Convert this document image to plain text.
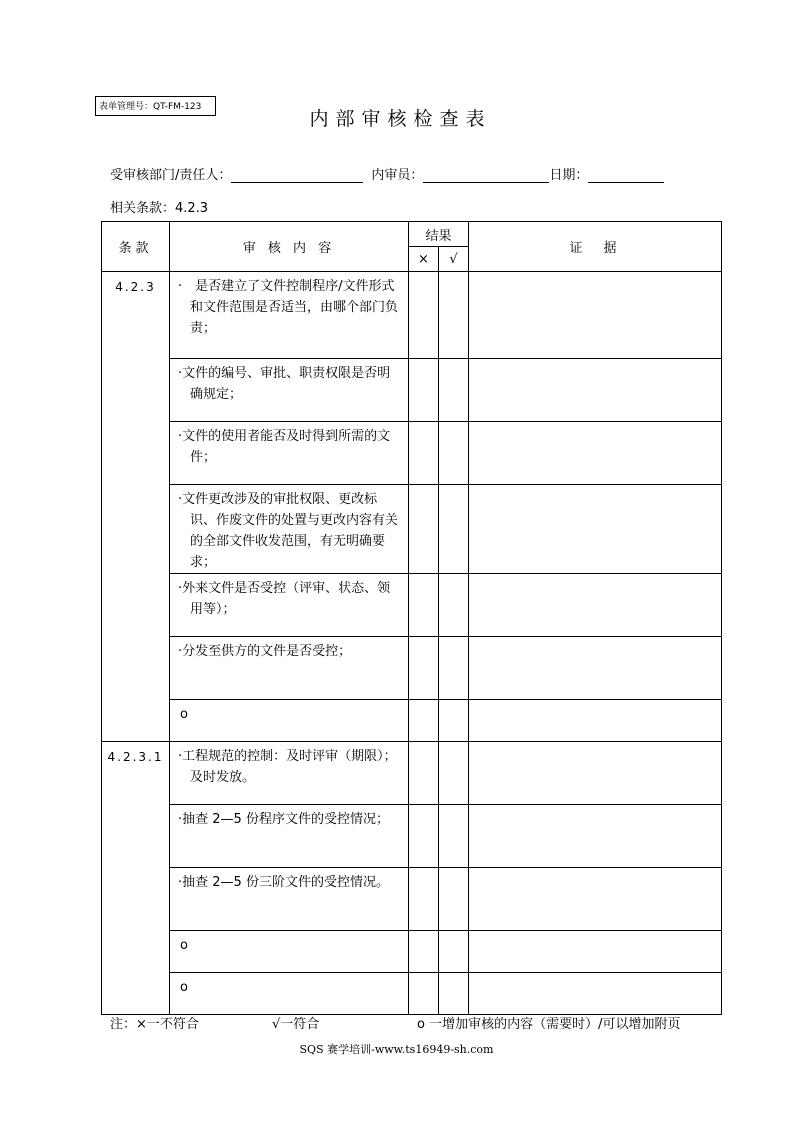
表单管理号：QT-FM-123
内部审核检查表
受审核部门/责任人：	内审员：	日期：
相关条款：4.2.3
条款	审 核 内 容	结果		证　据
		×	√	
4.2.3	·　是否建立了文件控制程序/文件形式和文件范围是否适当，由哪个部门负责；			

	·文件的编号、审批、职责权限是否明确规定；			

	·文件的使用者能否及时得到所需的文件；			

	·文件更改涉及的审批权限、更改标识、作废文件的处置与更改内容有关的全部文件收发范围，有无明确要求；			

	·外来文件是否受控（评审、状态、领用等）；			

	·分发至供方的文件是否受控；			

	o			

4.2.3.1	·工程规范的控制：及时评审（期限）；及时发放。			

	·抽查 2—5 份程序文件的受控情况；			

	·抽查 2—5 份三阶文件的受控情况。			

	o			

	o			

注：×一不符合	√一符合	o 一增加审核的内容（需要时）/可以增加附页
SQS 赛学培训-www.ts16949-sh.com
